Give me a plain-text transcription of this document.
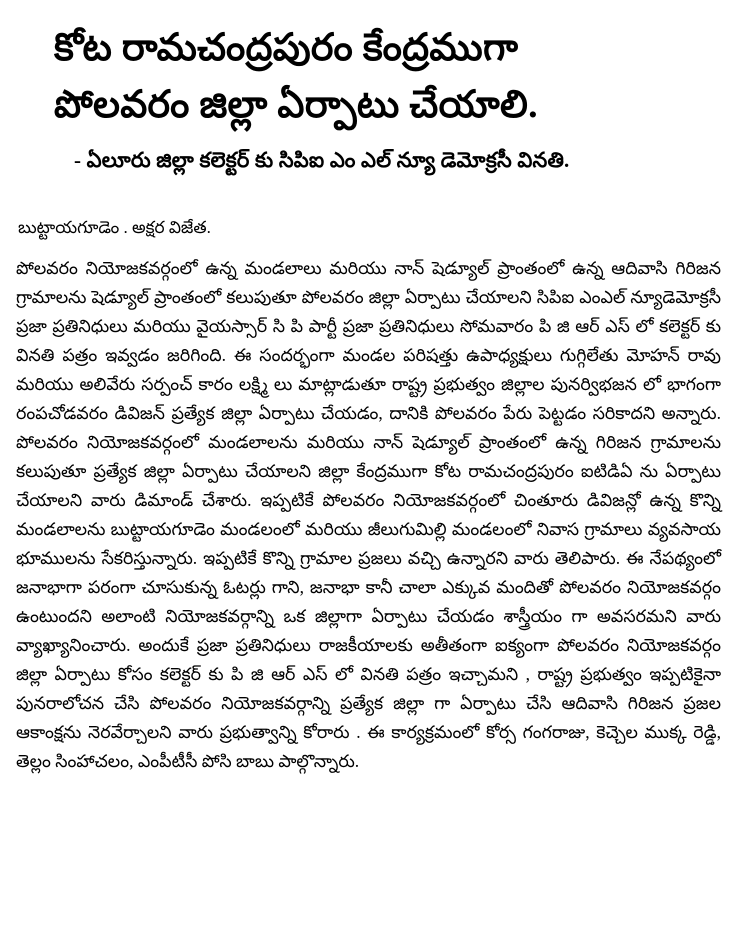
కోట రామచంద్రపురం కేంద్రముగా
పోలవరం జిల్లా ఏర్పాటు చేయాలి.
- ఏలూరు జిల్లా కలెక్టర్ కు సిపిఐ ఎం ఎల్ న్యూ డెమోక్రసీ వినతి.
బుట్టాయగూడెం . అక్షర విజేత.

పోలవరం నియోజకవర్గంలో ఉన్న మండలాలు మరియు నాన్ షెడ్యూల్ ప్రాంతంలో ఉన్న ఆదివాసి గిరిజన గ్రామాలను షెడ్యూల్ ప్రాంతంలో కలుపుతూ పోలవరం జిల్లా ఏర్పాటు చేయాలని సిపిఐ ఎంఎల్ న్యూడెమోక్రసీ ప్రజా ప్రతినిధులు మరియు వైయస్సార్ సి పి పార్టీ ప్రజా ప్రతినిధులు సోమవారం పి జి ఆర్ ఎస్ లో కలెక్టర్ కు వినతి పత్రం ఇవ్వడం జరిగింది. ఈ సందర్భంగా మండల పరిషత్తు ఉపాధ్యక్షులు గుగ్గిలేతు మోహన్ రావు మరియు అలివేరు సర్పంచ్ కారం లక్ష్మి లు మాట్లాడుతూ రాష్ట్ర ప్రభుత్వం జిల్లాల పునర్విభజన లో భాగంగా రంపచోడవరం డివిజన్ ప్రత్యేక జిల్లా ఏర్పాటు చేయడం, దానికి పోలవరం పేరు పెట్టడం సరికాదని అన్నారు. పోలవరం నియోజకవర్గంలో మండలాలను మరియు నాన్ షెడ్యూల్ ప్రాంతంలో ఉన్న గిరిజన గ్రామాలను కలుపుతూ ప్రత్యేక జిల్లా ఏర్పాటు చేయాలని జిల్లా కేంద్రముగా కోట రామచంద్రపురం ఐటిడిఏ ను ఏర్పాటు చేయాలని వారు డిమాండ్ చేశారు. ఇప్పటికే పోలవరం నియోజకవర్గంలో చింతూరు డివిజన్లో ఉన్న కొన్ని మండలాలను బుట్టాయగూడెం మండలంలో మరియు జీలుగుమిల్లి మండలంలో నివాస గ్రామాలు వ్యవసాయ భూములను సేకరిస్తున్నారు. ఇప్పటికే కొన్ని గ్రామాల ప్రజలు వచ్చి ఉన్నారని వారు తెలిపారు. ఈ నేపథ్యంలో జనాభాగా పరంగా చూసుకున్న ఓటర్లు గాని, జనాభా కానీ చాలా ఎక్కువ మందితో పోలవరం నియోజకవర్గం ఉంటుందని అలాంటి నియోజకవర్గాన్ని ఒక జిల్లాగా ఏర్పాటు చేయడం శాస్త్రీయం గా అవసరమని వారు వ్యాఖ్యానించారు. అందుకే ప్రజా ప్రతినిధులు రాజకీయాలకు అతీతంగా ఐక్యంగా పోలవరం నియోజకవర్గం జిల్లా ఏర్పాటు కోసం కలెక్టర్ కు పి జి ఆర్ ఎస్ లో వినతి పత్రం ఇచ్చామని , రాష్ట్ర ప్రభుత్వం ఇప్పటికైనా పునరాలోచన చేసి పోలవరం నియోజకవర్గాన్ని ప్రత్యేక జిల్లా గా ఏర్పాటు చేసి ఆదివాసి గిరిజన ప్రజల ఆకాంక్షను నెరవేర్చాలని వారు ప్రభుత్వాన్ని కోరారు . ఈ కార్యక్రమంలో కోర్స గంగరాజు, కెచ్చెల ముక్క రెడ్డి, తెల్లం సింహాచలం, ఎంపీటీసీ పోసి బాబు పాల్గొన్నారు.
